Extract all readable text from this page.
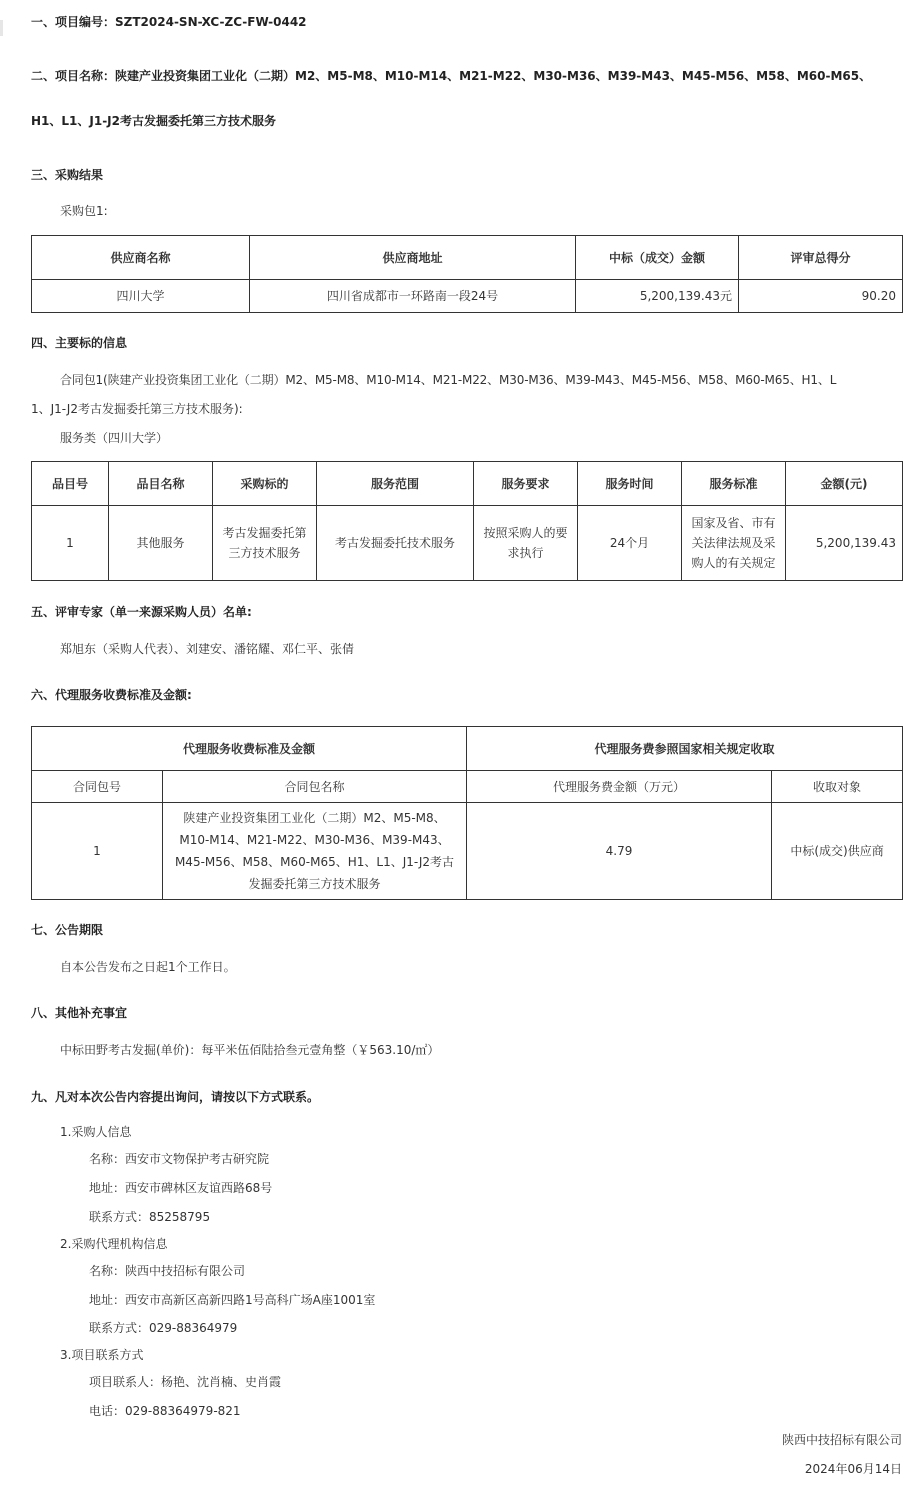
一、项目编号：SZT2024-SN-XC-ZC-FW-0442
二、项目名称：陕建产业投资集团工业化（二期）M2、M5-M8、M10-M14、M21-M22、M30-M36、M39-M43、M45-M56、M58、M60-M65、
H1、L1、J1-J2考古发掘委托第三方技术服务
三、采购结果
采购包1:
供应商名称	供应商地址	中标（成交）金额	评审总得分
四川大学	四川省成都市一环路南一段24号	5,200,139.43元	90.20
四、主要标的信息
合同包1(陕建产业投资集团工业化（二期）M2、M5-M8、M10-M14、M21-M22、M30-M36、M39-M43、M45-M56、M58、M60-M65、H1、L
1、J1-J2考古发掘委托第三方技术服务):
服务类（四川大学）
品目号	品目名称	采购标的	服务范围	服务要求	服务时间	服务标准	金额(元)
1	其他服务	考古发掘委托第三方技术服务	考古发掘委托技术服务	按照采购人的要求执行	24个月	国家及省、市有关法律法规及采购人的有关规定	5,200,139.43
五、评审专家（单一来源采购人员）名单:
郑旭东（采购人代表）、刘建安、潘铭耀、邓仁平、张倩
六、代理服务收费标准及金额:
代理服务收费标准及金额		代理服务费参照国家相关规定收取	
合同包号	合同包名称	代理服务费金额（万元）	收取对象
1	陕建产业投资集团工业化（二期）M2、M5-M8、M10-M14、M21-M22、M30-M36、M39-M43、M45-M56、M58、M60-M65、H1、L1、J1-J2考古发掘委托第三方技术服务	4.79	中标(成交)供应商
七、公告期限
自本公告发布之日起1个工作日。
八、其他补充事宜
中标田野考古发掘(单价)：每平米伍佰陆拾叁元壹角整（￥563.10/㎡）
九、凡对本次公告内容提出询问，请按以下方式联系。
1.采购人信息
名称：西安市文物保护考古研究院
地址：西安市碑林区友谊西路68号
联系方式：85258795
2.采购代理机构信息
名称：陕西中技招标有限公司
地址：西安市高新区高新四路1号高科广场A座1001室
联系方式：029-88364979
3.项目联系方式
项目联系人：杨艳、沈肖楠、史肖霞
电话：029-88364979-821
陕西中技招标有限公司
2024年06月14日
